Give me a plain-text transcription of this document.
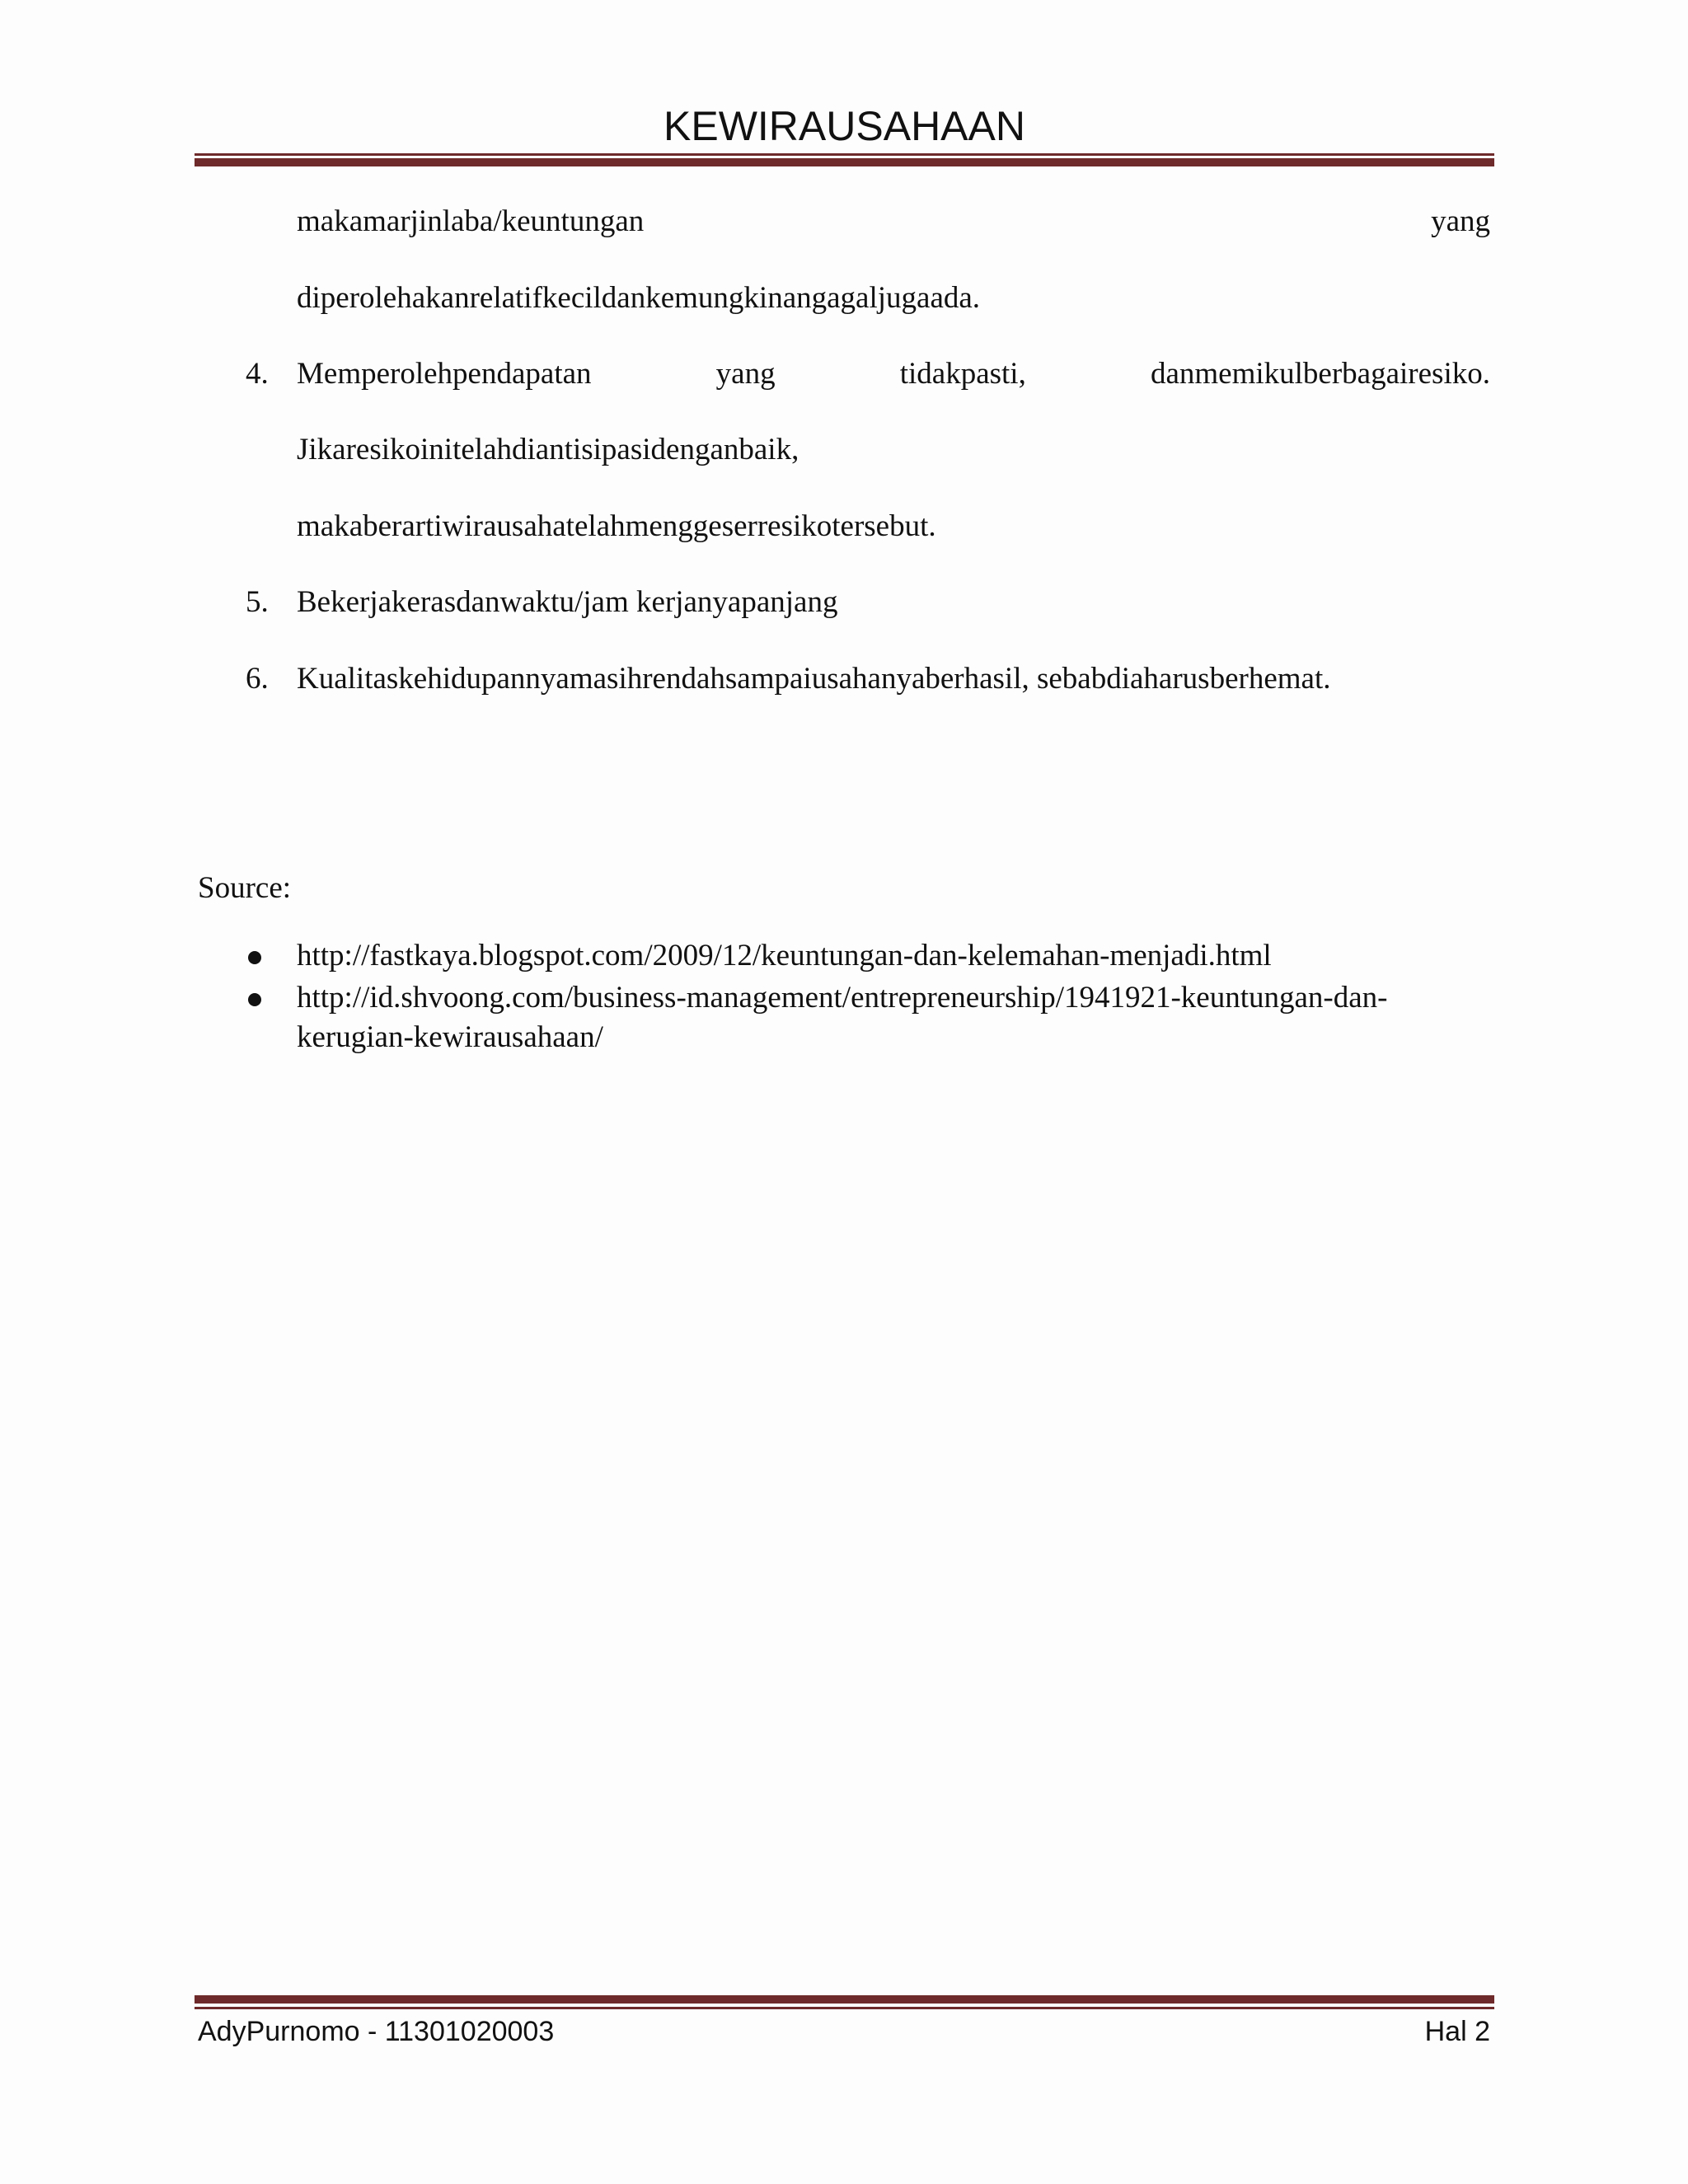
KEWIRAUSAHAAN
makamarjinlaba/keuntungan	yang
diperolehakanrelatifkecildankemungkinangagaljugaada.
4. Memperolehpendapatan	yang	tidakpasti,	danmemikulberbagairesiko.
Jikaresikoinitelahdiantisipasidenganbaik,
makaberartiwirausahatelahmenggeserresikotersebut.
5. Bekerjakerasdanwaktu/jam kerjanyapanjang
6. Kualitaskehidupannyamasihrendahsampaiusahanyaberhasil, sebabdiaharusberhemat.
Source:
http://fastkaya.blogspot.com/2009/12/keuntungan-dan-kelemahan-menjadi.html
http://id.shvoong.com/business-management/entrepreneurship/1941921-keuntungan-dan-
kerugian-kewirausahaan/
AdyPurnomo - 11301020003	Hal 2
